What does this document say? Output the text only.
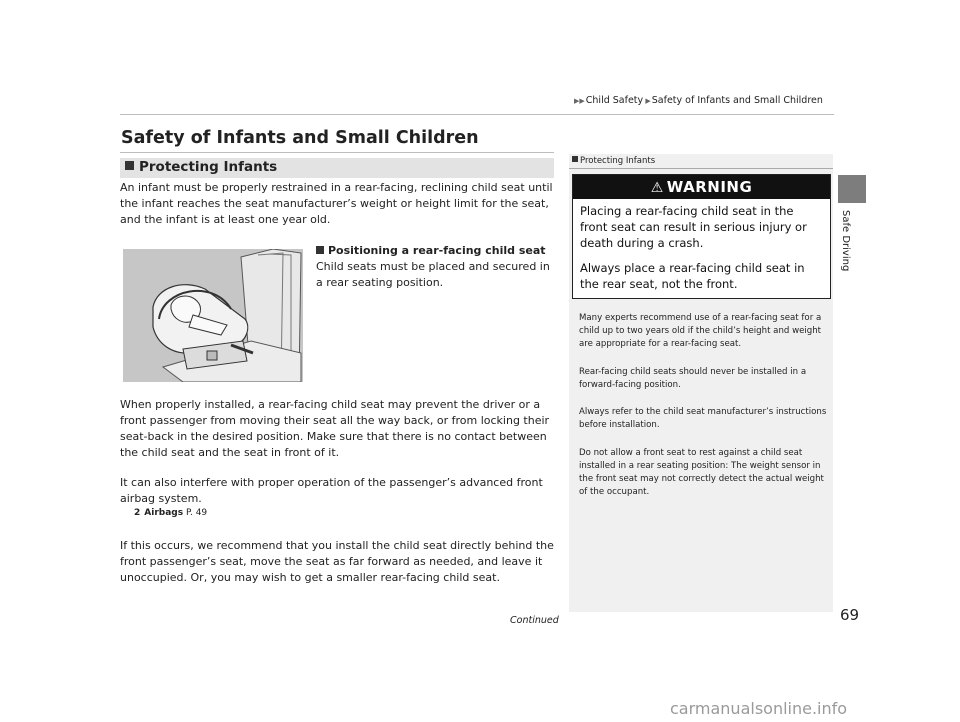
▶▶Child Safety ▶Safety of Infants and Small Children
Safe Driving
69
Safety of Infants and Small Children
Protecting Infants
An infant must be properly restrained in a rear-facing, reclining child seat until the infant reaches the seat manufacturer’s weight or height limit for the seat, and the infant is at least one year old.
Positioning a rear-facing child seat
Child seats must be placed and secured in a rear seating position.
When properly installed, a rear-facing child seat may prevent the driver or a front passenger from moving their seat all the way back, or from locking their seat-back in the desired position. Make sure that there is no contact between the child seat and the seat in front of it.
It can also interfere with proper operation of the passenger’s advanced front airbag system.
2 Airbags P. 49
If this occurs, we recommend that you install the child seat directly behind the front passenger’s seat, move the seat as far forward as needed, and leave it unoccupied. Or, you may wish to get a smaller rear-facing child seat.
Protecting Infants
⚠ WARNING
Placing a rear-facing child seat in the front seat can result in serious injury or death during a crash.
Always place a rear-facing child seat in the rear seat, not the front.
Many experts recommend use of a rear-facing seat for a child up to two years old if the child’s height and weight are appropriate for a rear-facing seat.
Rear-facing child seats should never be installed in a forward-facing position.
Always refer to the child seat manufacturer’s instructions before installation.
Do not allow a front seat to rest against a child seat installed in a rear seating position: The weight sensor in the front seat may not correctly detect the actual weight of the occupant.
Continued
carmanualsonline.info
